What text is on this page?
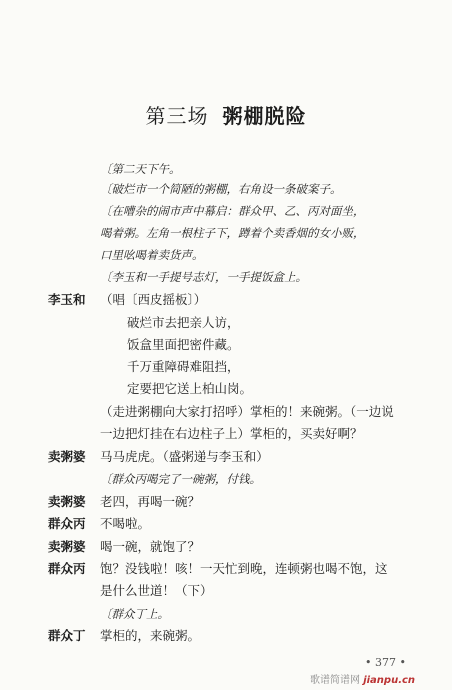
第三场 粥棚脱险
〔第二天下午。
〔破烂市一个简陋的粥棚，右角设一条破案子。
〔在嘈杂的闹市声中幕启：群众甲、乙、丙对面坐，
喝着粥。左角一根柱子下，蹲着个卖香烟的女小贩，
口里吆喝着卖货声。
〔李玉和一手提号志灯，一手提饭盒上。
李玉和 （唱〔西皮摇板〕）
破烂市去把亲人访，
饭盒里面把密件藏。
千万重障碍难阻挡，
定要把它送上柏山岗。
（走进粥棚向大家打招呼）掌柜的！来碗粥。（一边说
一边把灯挂在右边柱子上）掌柜的，买卖好啊？
卖粥婆 马马虎虎。（盛粥递与李玉和）
〔群众丙喝完了一碗粥，付钱。
卖粥婆 老四，再喝一碗？
群众丙 不喝啦。
卖粥婆 喝一碗，就饱了？
群众丙 饱？没钱啦！咳！一天忙到晚，连顿粥也喝不饱，这
是什么世道！（下）
〔群众丁上。
群众丁 掌柜的，来碗粥。
• 377 •
歌谱简谱网 jianpu.cn
